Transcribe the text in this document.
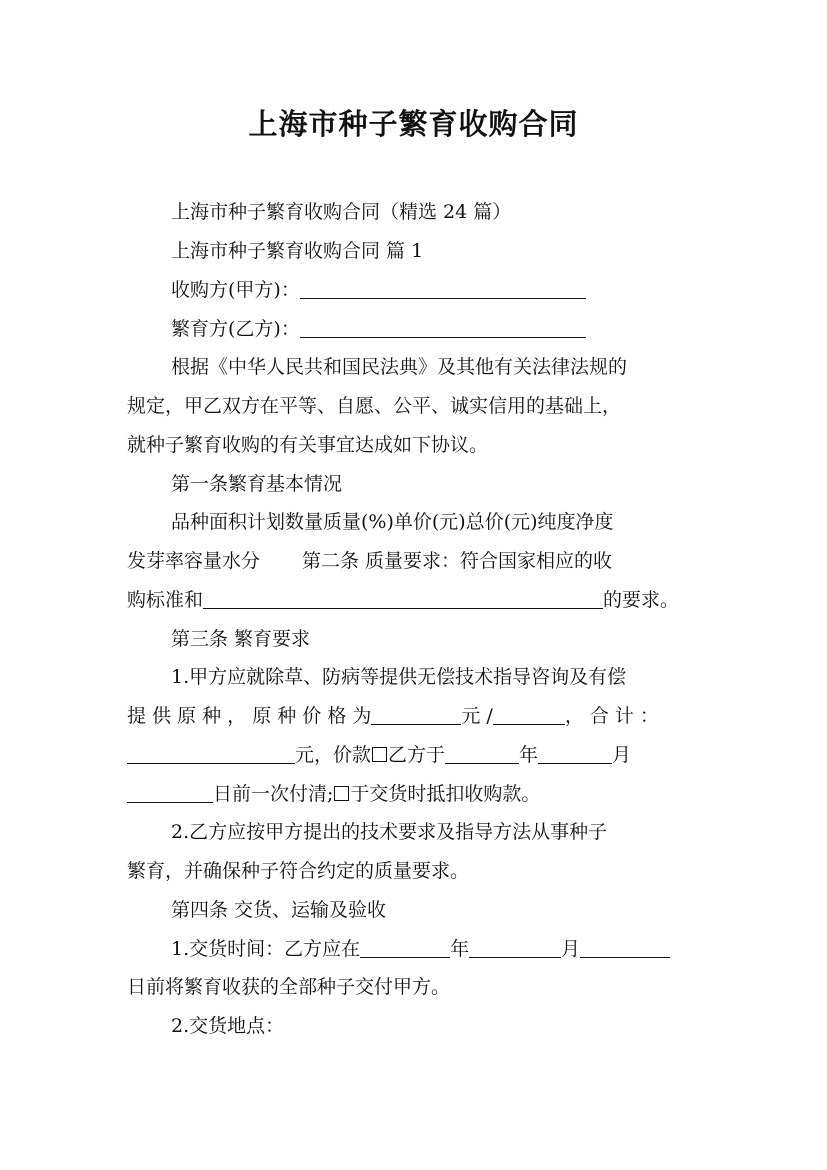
上海市种子繁育收购合同
上海市种子繁育收购合同（精选 24 篇）
上海市种子繁育收购合同 篇 1
收购方(甲方)：
繁育方(乙方)：
根据《中华人民共和国民法典》及其他有关法律法规的
规定，甲乙双方在平等、自愿、公平、诚实信用的基础上，
就种子繁育收购的有关事宜达成如下协议。
第一条繁育基本情况
品种面积计划数量质量(%)单价(元)总价(元)纯度净度
发芽率容量水分 第二条 质量要求：符合国家相应的收
购标准和	的要求。
第三条 繁育要求
1.甲方应就除草、防病等提供无偿技术指导咨询及有偿
提 供 原 种 ， 原 种 价 格 为	元 /	， 合 计 ：
元，价款 乙方于	年	月
日前一次付清; 于交货时抵扣收购款。
2.乙方应按甲方提出的技术要求及指导方法从事种子
繁育，并确保种子符合约定的质量要求。
第四条 交货、运输及验收
1.交货时间：乙方应在	年	月
日前将繁育收获的全部种子交付甲方。
2.交货地点：
